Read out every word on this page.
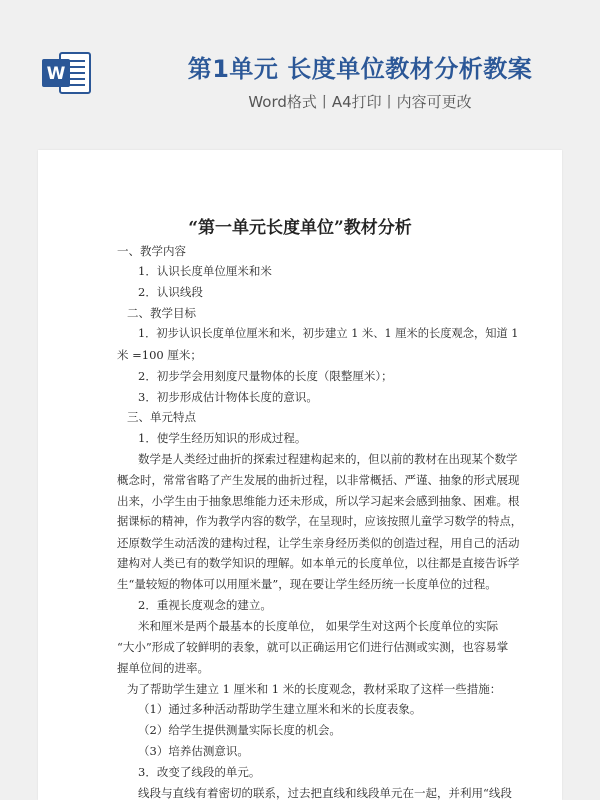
W	第1单元 长度单位教材分析教案
Word格式丨A4打印丨内容可更改
“第一单元长度单位”教材分析
一、教学内容
1．认识长度单位厘米和米
2．认识线段
二、教学目标
1．初步认识长度单位厘米和米，初步建立 1 米、1 厘米的长度观念，知道 1
米 =100 厘米；
2．初步学会用刻度尺量物体的长度（限整厘米）；
3．初步形成估计物体长度的意识。
三、单元特点
1．使学生经历知识的形成过程。
数学是人类经过曲折的探索过程建构起来的，但以前的教材在出现某个数学
概念时，常常省略了产生发展的曲折过程，以非常概括、严谨、抽象的形式展现
出来，小学生由于抽象思维能力还未形成，所以学习起来会感到抽象、困难。根
据课标的精神，作为教学内容的数学，在呈现时，应该按照儿童学习数学的特点，
还原数学生动活泼的建构过程，让学生亲身经历类似的创造过程，用自己的活动
建构对人类已有的数学知识的理解。如本单元的长度单位，以往都是直接告诉学
生“量较短的物体可以用厘米量”，现在要让学生经历统一长度单位的过程。
2．重视长度观念的建立。
米和厘米是两个最基本的长度单位， 如果学生对这两个长度单位的实际
“大小”形成了较鲜明的表象，就可以正确运用它们进行估测或实测，也容易掌
握单位间的进率。
为了帮助学生建立 1 厘米和 1 米的长度观念，教材采取了这样一些措施：
（1）通过多种活动帮助学生建立厘米和米的长度表象。
（2）给学生提供测量实际长度的机会。
（3）培养估测意识。
3．改变了线段的单元。
线段与直线有着密切的联系，过去把直线和线段单元在一起，并利用“线段
